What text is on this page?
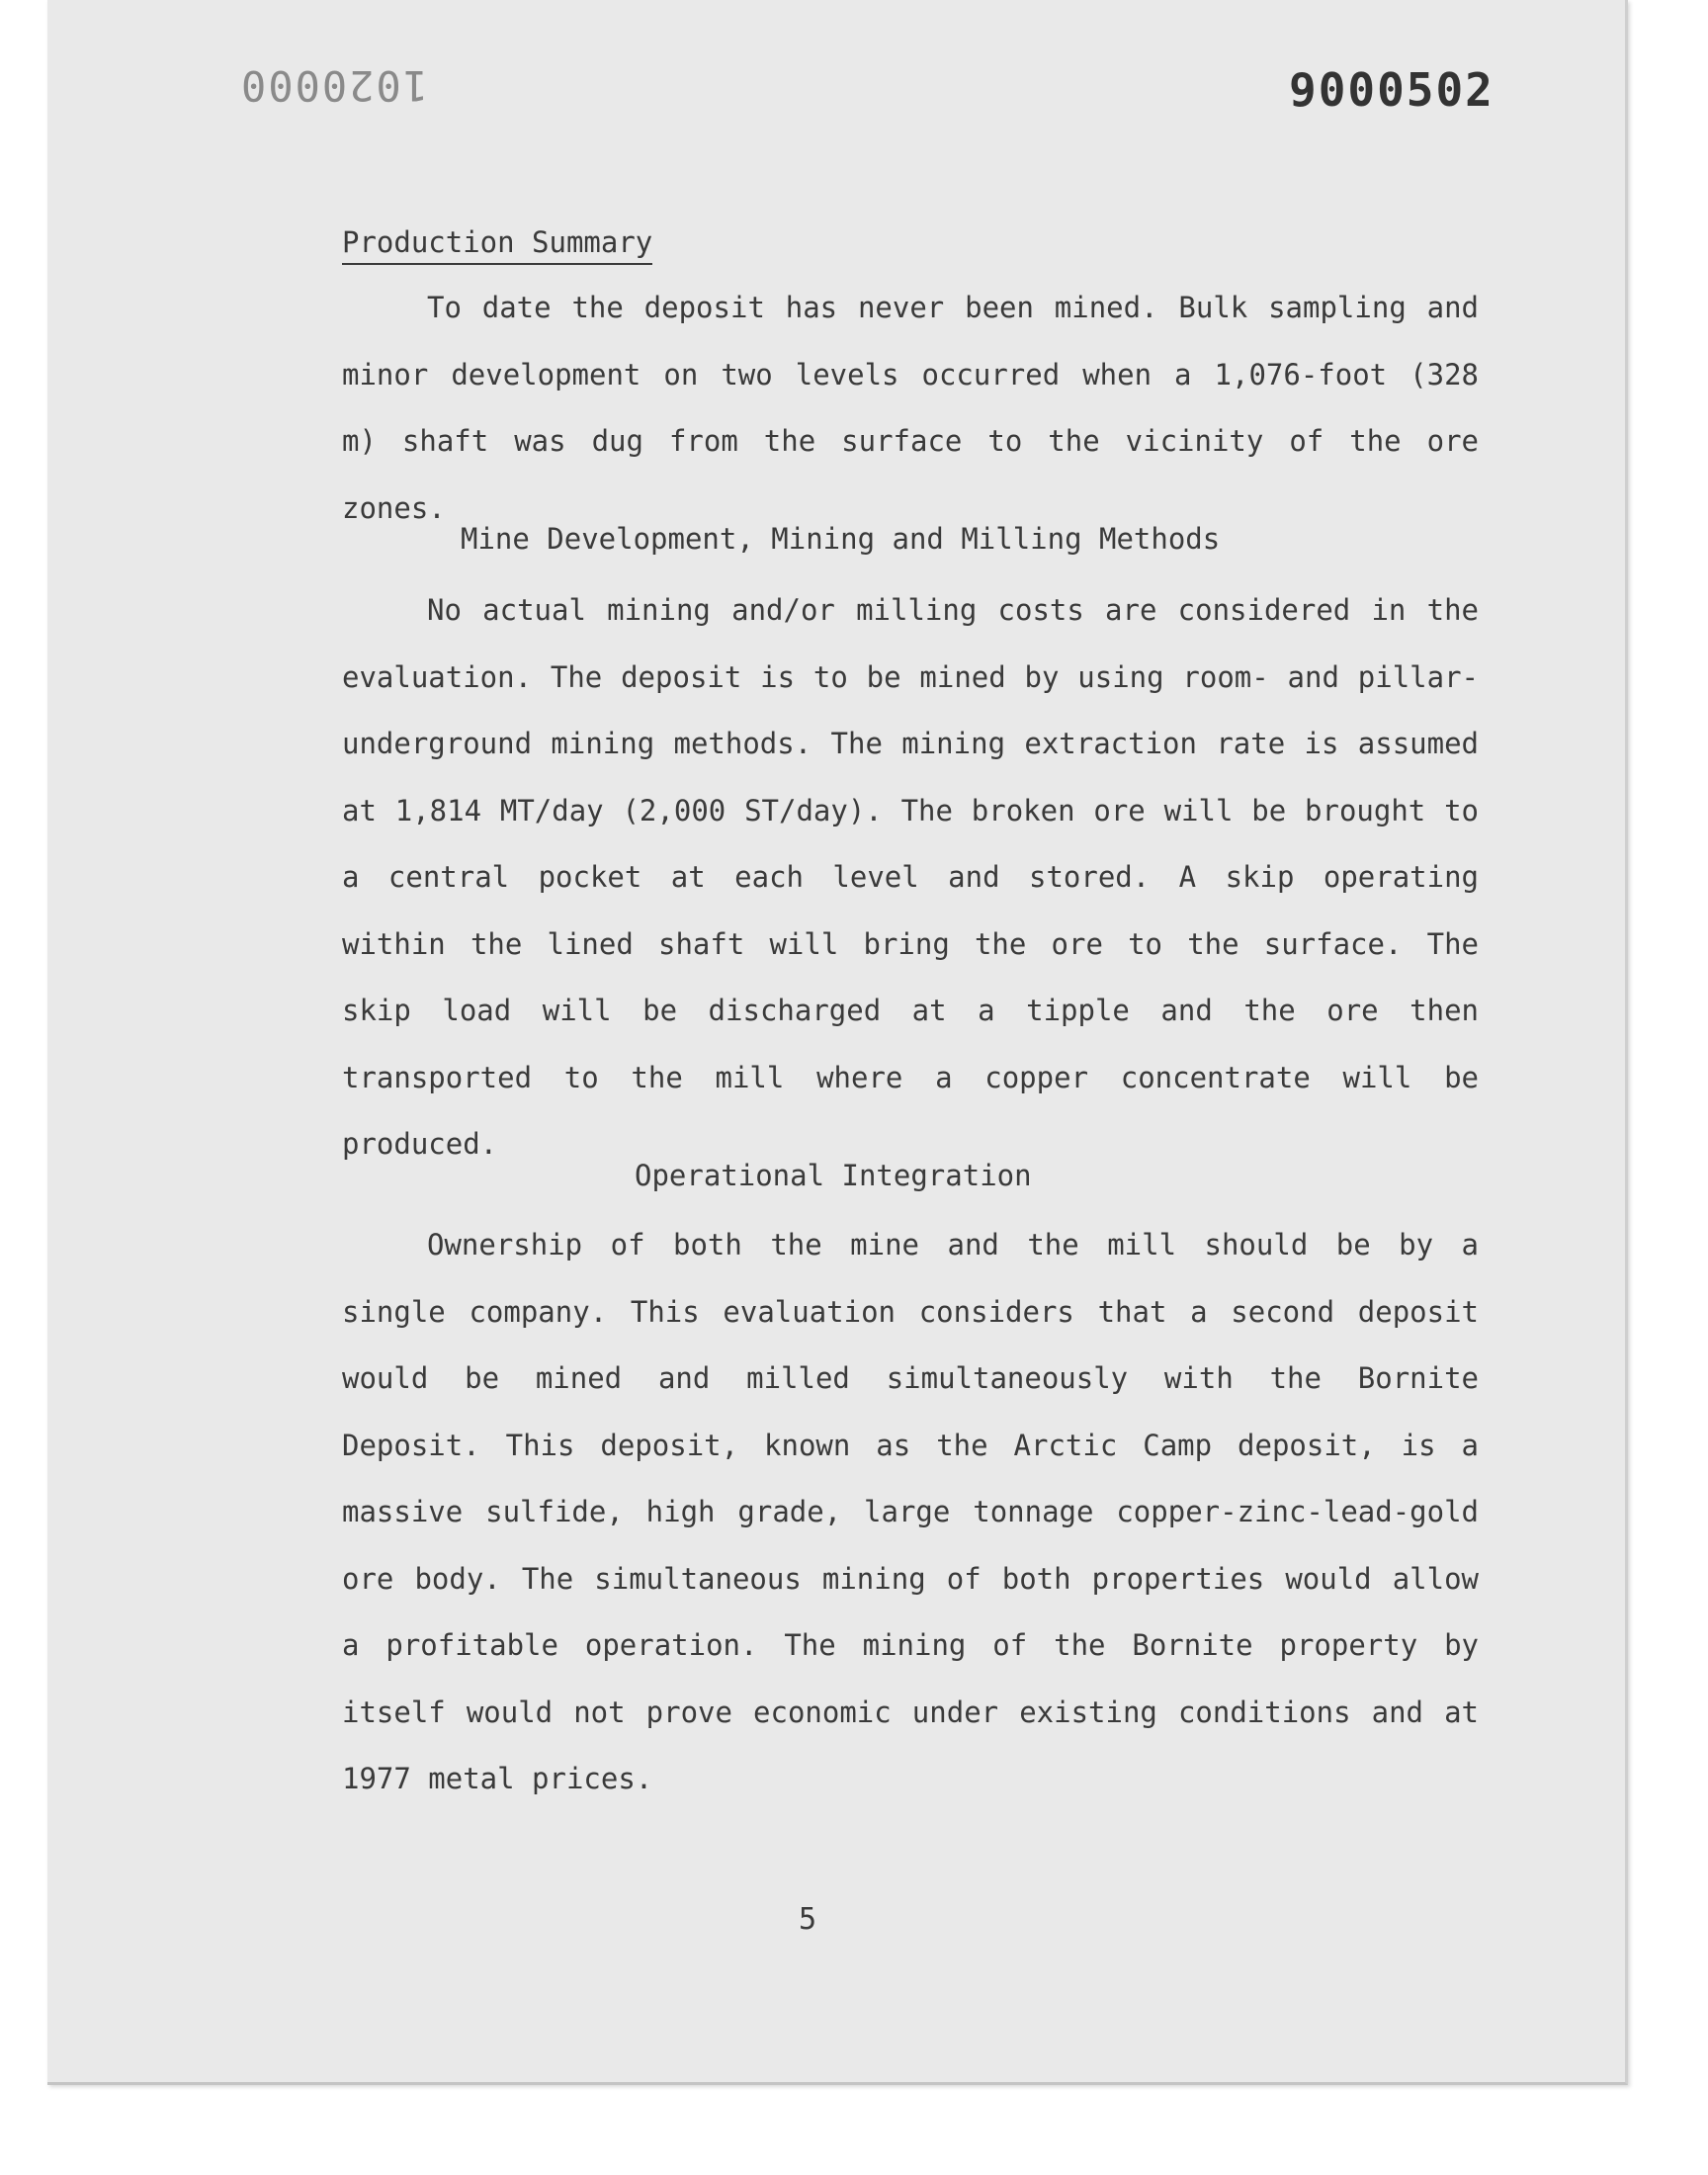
1020000	9000502
Production Summary

To date the deposit has never been mined. Bulk sampling and minor development on two levels occurred when a 1,076-foot (328 m) shaft was dug from the surface to the vicinity of the ore zones.

Mine Development, Mining and Milling Methods

No actual mining and/or milling costs are considered in the evaluation. The deposit is to be mined by using room- and pillar-underground mining methods. The mining extraction rate is assumed at 1,814 MT/day (2,000 ST/day). The broken ore will be brought to a central pocket at each level and stored. A skip operating within the lined shaft will bring the ore to the surface. The skip load will be discharged at a tipple and the ore then transported to the mill where a copper concentrate will be produced.

Operational Integration

Ownership of both the mine and the mill should be by a single company. This evaluation considers that a second deposit would be mined and milled simultaneously with the Bornite Deposit. This deposit, known as the Arctic Camp deposit, is a massive sulfide, high grade, large tonnage copper-zinc-lead-gold ore body. The simultaneous mining of both properties would allow a profitable operation. The mining of the Bornite property by itself would not prove economic under existing conditions and at 1977 metal prices.

5
